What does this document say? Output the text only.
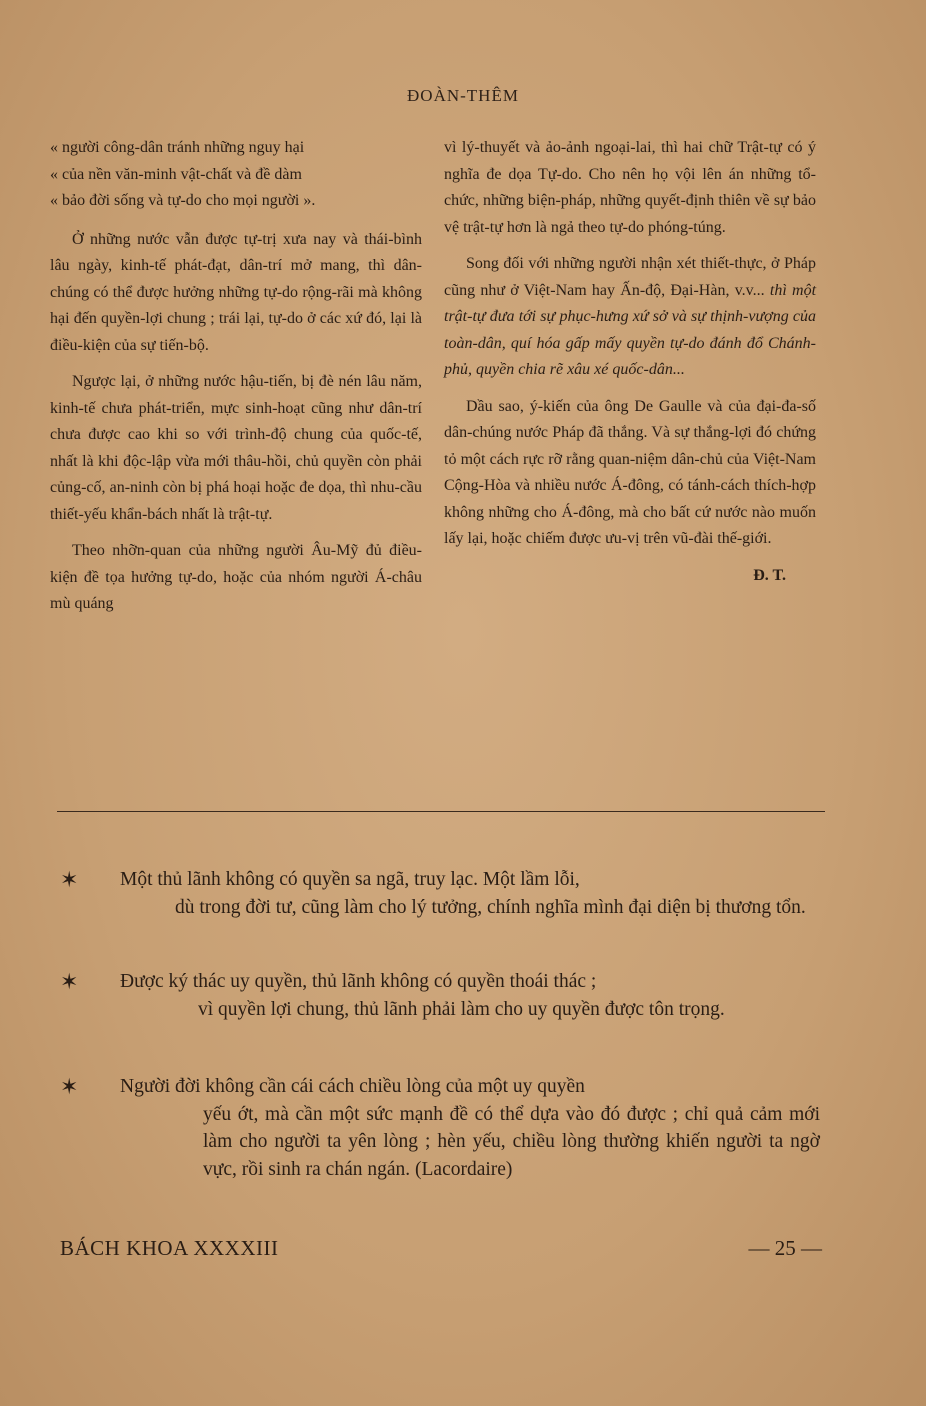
ĐOÀN-THÊM

« người công-dân tránh những nguy hại
« của nền văn-minh vật-chất và đề dàm
« bảo đời sống và tự-do cho mọi người ».

Ở những nước vẫn được tự-trị xưa nay và thái-bình lâu ngày, kinh-tế phát-đạt, dân-trí mở mang, thì dân-chúng có thể được hưởng những tự-do rộng-rãi mà không hại đến quyền-lợi chung ; trái lại, tự-do ở các xứ đó, lại là điều-kiện của sự tiến-bộ.

Ngược lại, ở những nước hậu-tiến, bị đè nén lâu năm, kinh-tế chưa phát-triển, mực sinh-hoạt cũng như dân-trí chưa được cao khi so với trình-độ chung của quốc-tế, nhất là khi độc-lập vừa mới thâu-hồi, chủ quyền còn phải củng-cố, an-ninh còn bị phá hoại hoặc đe dọa, thì nhu-cầu thiết-yếu khẩn-bách nhất là trật-tự.

Theo nhỡn-quan của những người Âu-Mỹ đủ điều-kiện đề tọa hưởng tự-do, hoặc của nhóm người Á-châu mù quáng

vì lý-thuyết và ảo-ảnh ngoại-lai, thì hai chữ Trật-tự có ý nghĩa đe dọa Tự-do. Cho nên họ vội lên án những tổ-chức, những biện-pháp, những quyết-định thiên về sự bảo vệ trật-tự hơn là ngả theo tự-do phóng-túng.

Song đối với những người nhận xét thiết-thực, ở Pháp cũng như ở Việt-Nam hay Ấn-độ, Đại-Hàn, v.v... thì một trật-tự đưa tới sự phục-hưng xứ sở và sự thịnh-vượng của toàn-dân, quí hóa gấp mấy quyền tự-do đánh đổ Chánh-phủ, quyền chia rẽ xâu xé quốc-dân...

Dầu sao, ý-kiến của ông De Gaulle và của đại-đa-số dân-chúng nước Pháp đã thắng. Và sự thắng-lợi đó chứng tỏ một cách rực rỡ rằng quan-niệm dân-chủ của Việt-Nam Cộng-Hòa và nhiều nước Á-đông, có tánh-cách thích-hợp không những cho Á-đông, mà cho bất cứ nước nào muốn lấy lại, hoặc chiếm được ưu-vị trên vũ-đài thế-giới.

Đ. T.
✶ Một thủ lãnh không có quyền sa ngã, truy lạc. Một lầm lỗi,
dù trong đời tư, cũng làm cho lý tưởng, chính nghĩa mình đại diện bị thương tổn.
✶ Được ký thác uy quyền, thủ lãnh không có quyền thoái thác ;
vì quyền lợi chung, thủ lãnh phải làm cho uy quyền được tôn trọng.
✶ Người đời không cần cái cách chiều lòng của một uy quyền
yếu ớt, mà cần một sức mạnh đề có thể dựa vào đó được ; chỉ quả cảm mới làm cho người ta yên lòng ; hèn yếu, chiều lòng thường khiến người ta ngờ vực, rồi sinh ra chán ngán. (Lacordaire)
BÁCH KHOA XXXXIII	— 25 —
